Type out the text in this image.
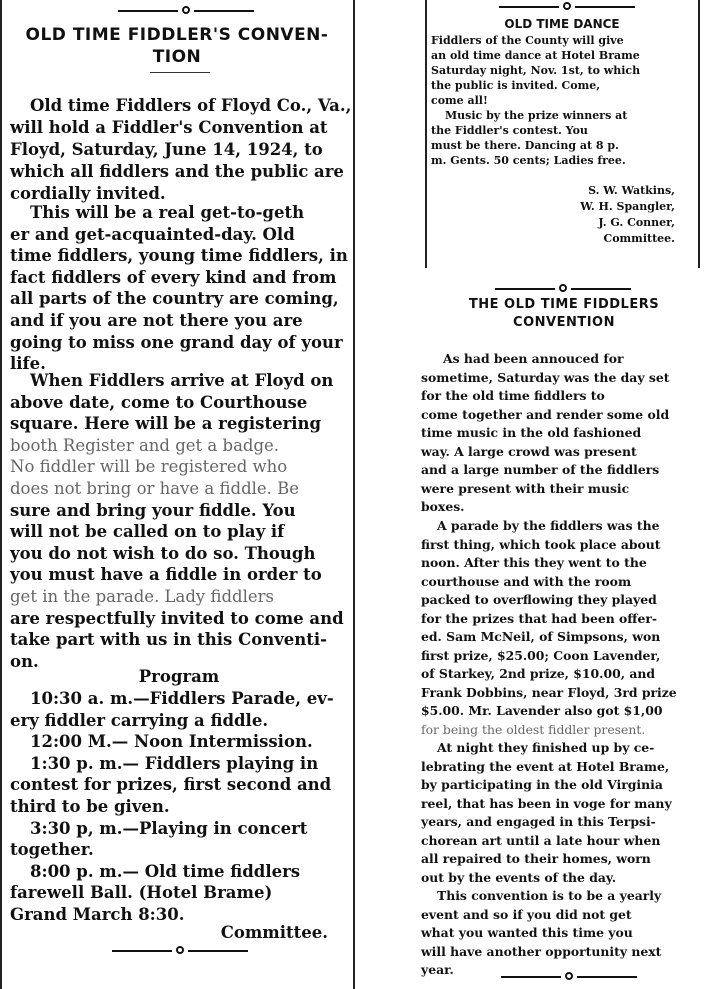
OLD TIME FIDDLER'S CONVEN-
TION
Old time Fiddlers of Floyd Co., Va.,
will hold a Fiddler's Convention at
Floyd, Saturday, June 14, 1924, to
which all fiddlers and the public are
cordially invited.
This will be a real get-to-geth
er and get-acquainted-day. Old
time fiddlers, young time fiddlers, in
fact fiddlers of every kind and from
all parts of the country are coming,
and if you are not there you are
going to miss one grand day of your
life.
When Fiddlers arrive at Floyd on
above date, come to Courthouse
square. Here will be a registering
booth Register and get a badge.
No fiddler will be registered who
does not bring or have a fiddle. Be
sure and bring your fiddle. You
will not be called on to play if
you do not wish to do so. Though
you must have a fiddle in order to
get in the parade. Lady fiddlers
are respectfully invited to come and
take part with us in this Conventi-
on.
Program
10:30 a. m.—Fiddlers Parade, ev-
ery fiddler carrying a fiddle.
12:00 M.— Noon Intermission.
1:30 p. m.— Fiddlers playing in
contest for prizes, first second and
third to be given.
3:30 p, m.—Playing in concert
together.
8:00 p. m.— Old time fiddlers
farewell Ball. (Hotel Brame)
Grand March 8:30.
Committee.
OLD TIME DANCE
Fiddlers of the County will give
an old time dance at Hotel Brame
Saturday night, Nov. 1st, to which
the public is invited. Come,
come all!
Music by the prize winners at
the Fiddler's contest. You
must be there. Dancing at 8 p.
m. Gents. 50 cents; Ladies free.
S. W. Watkins,
W. H. Spangler,
J. G. Conner,
Committee.
THE OLD TIME FIDDLERS
CONVENTION
As had been annouced for
sometime, Saturday was the day set
for the old time fiddlers to
come together and render some old
time music in the old fashioned
way. A large crowd was present
and a large number of the fiddlers
were present with their music
boxes.
A parade by the fiddlers was the
first thing, which took place about
noon. After this they went to the
courthouse and with the room
packed to overflowing they played
for the prizes that had been offer-
ed. Sam McNeil, of Simpsons, won
first prize, $25.00; Coon Lavender,
of Starkey, 2nd prize, $10.00, and
Frank Dobbins, near Floyd, 3rd prize
$5.00. Mr. Lavender also got $1,00
for being the oldest fiddler present.
At night they finished up by ce-
lebrating the event at Hotel Brame,
by participating in the old Virginia
reel, that has been in voge for many
years, and engaged in this Terpsi-
chorean art until a late hour when
all repaired to their homes, worn
out by the events of the day.
This convention is to be a yearly
event and so if you did not get
what you wanted this time you
will have another opportunity next
year.
